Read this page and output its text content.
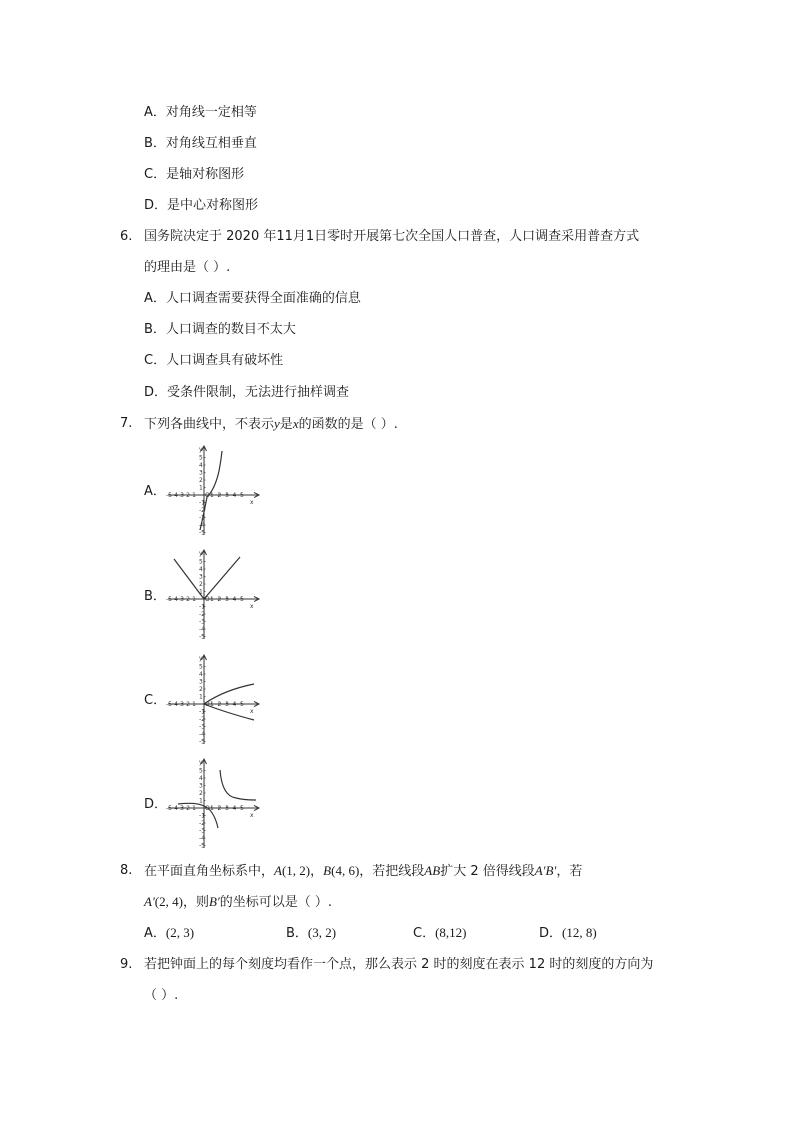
A．对角线一定相等
B．对角线互相垂直
C．是轴对称图形
D．是中心对称图形
6. 国务院决定于 2020 年11月1日零时开展第七次全国人口普查，人口调查采用普查方式
的理由是（ ）.
A．人口调查需要获得全面准确的信息
B．人口调查的数目不太大
C．人口调查具有破坏性
D．受条件限制，无法进行抽样调查
7. 下列各曲线中，不表示y是x的函数的是（ ）.
A．
x
y
-5-4-3-2-1 O 1 2 3 4 5
5
4
3
2
1
-1
-2
-3
-4
-5
B．
x
y
-5-4-3-2-1 O 1 2 3 4 5
5
4
3
2
1
-1
-2
-3
-4
-5
C．
x
y
-5-4-3-2-1 O 1 2 3 4 5
5
4
3
2
1
-1
-2
-3
-4
-5
D．
x
y
-5-4-3-2-1 O 1 2 3 4 5
5
4
3
2
1
-1
-2
-3
-4
-5
8. 在平面直角坐标系中，A(1, 2)，B(4, 6)，若把线段AB扩大 2 倍得线段A′B′，若
A′(2, 4)，则B′的坐标可以是（ ）.
A．(2, 3)	B．(3, 2)	C．(8,12)	D．(12, 8)
9. 若把钟面上的每个刻度均看作一个点，那么表示 2 时的刻度在表示 12 时的刻度的方向为
（ ）.
